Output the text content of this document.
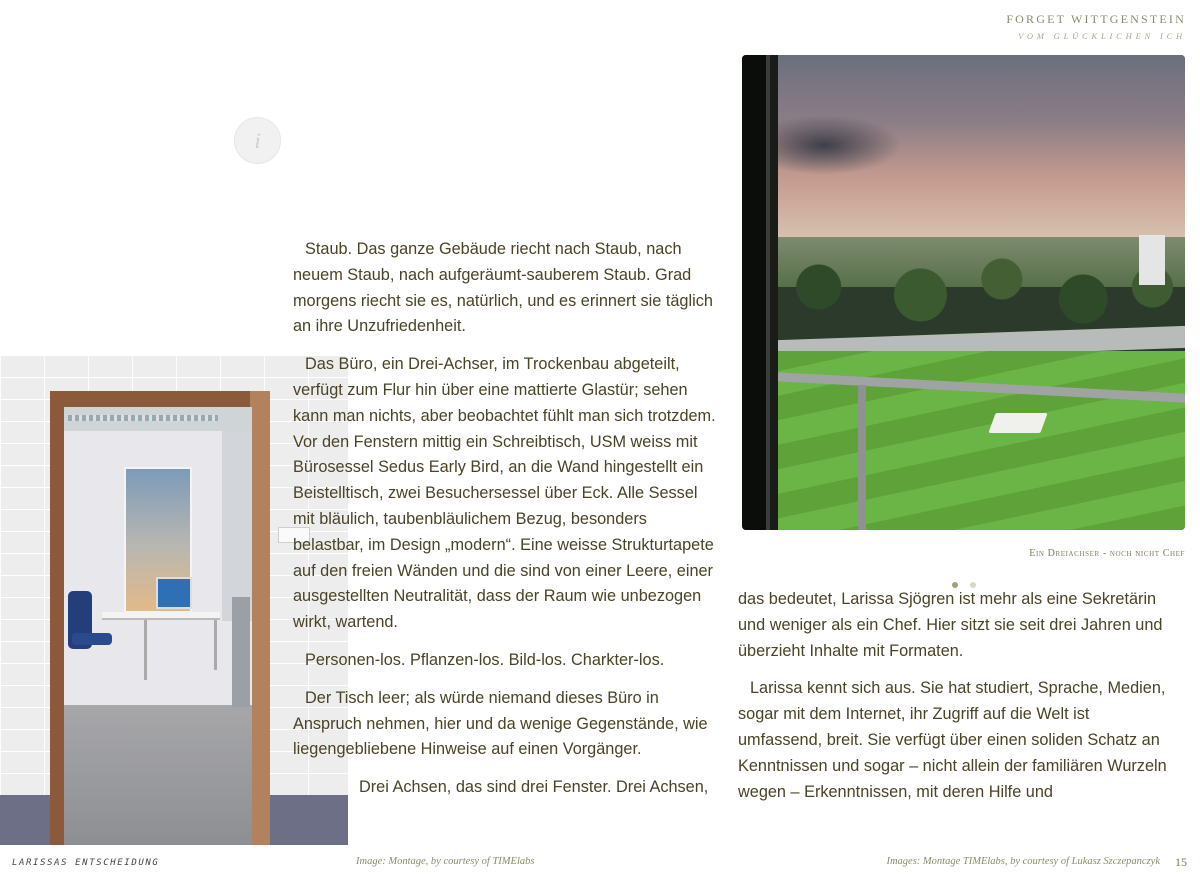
FORGET WITTGENSTEIN
VOM GLÜCKLICHEN ICH
i

Staub. Das ganze Gebäude riecht nach Staub, nach neuem Staub, nach aufgeräumt-sauberem Staub. Grad morgens riecht sie es, natürlich, und es erinnert sie täglich an ihre Unzufriedenheit.

Das Büro, ein Drei-Achser, im Trockenbau abgeteilt, verfügt zum Flur hin über eine mattierte Glastür; sehen kann man nichts, aber beobachtet fühlt man sich trotzdem. Vor den Fenstern mittig ein Schreibtisch, USM weiss mit Bürosessel Sedus Early Bird, an die Wand hingestellt ein Beistelltisch, zwei Besuchersessel über Eck. Alle Sessel mit bläulich, taubenbläulichem Bezug, besonders belastbar, im Design „modern“. Eine weisse Strukturtapete auf den freien Wänden und die sind von einer Leere, einer ausgestellten Neutralität, dass der Raum wie unbezogen wirkt, wartend.

Personen-los. Pflanzen-los. Bild-los. Charkter-los.

Der Tisch leer; als würde niemand dieses Büro in Anspruch nehmen, hier und da wenige Gegenstände, wie liegengebliebene Hinweise auf einen Vorgänger.

Drei Achsen, das sind drei Fenster. Drei Achsen,

Ein Dreiachser - noch nicht Chef

das bedeutet, Larissa Sjögren ist mehr als eine Sekretärin und weniger als ein Chef. Hier sitzt sie seit drei Jahren und überzieht Inhalte mit Formaten.

Larissa kennt sich aus. Sie hat studiert, Sprache, Medien, sogar mit dem Internet, ihr Zugriff auf die Welt ist umfassend, breit. Sie verfügt über einen soliden Schatz an Kenntnissen und sogar – nicht allein der familiären Wurzeln wegen – Erkenntnissen, mit deren Hilfe und

LARISSAS ENTSCHEIDUNG	Image: Montage, by courtesy of TIMElabs	Images: Montage TIMElabs, by courtesy of Lukasz Szczepanczyk 15
